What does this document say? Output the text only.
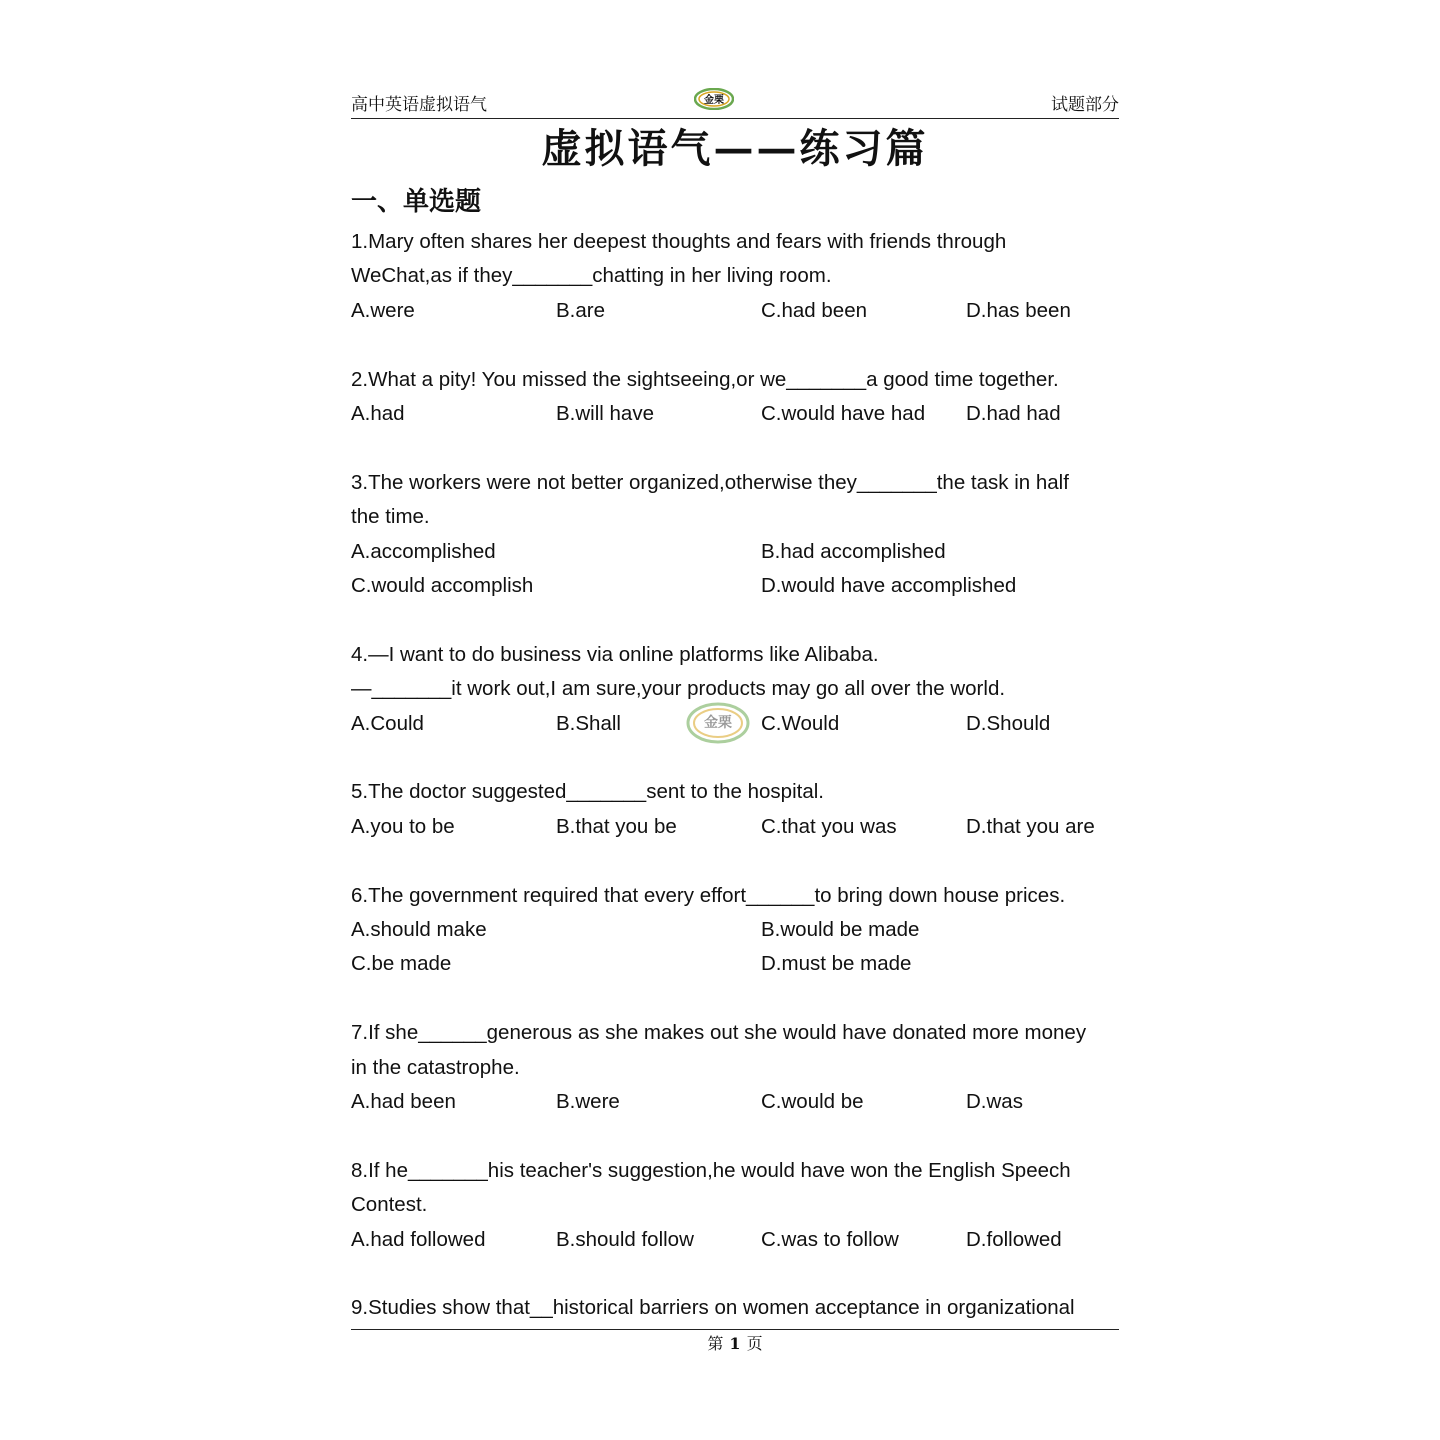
高中英语虚拟语气	金栗	试题部分
虚拟语气——练习篇
一、单选题
1.Mary often shares her deepest thoughts and fears with friends through
WeChat,as if they_______chatting in her living room.
A.were	B.are	C.had been	D.has been
2.What a pity! You missed the sightseeing,or we_______a good time together.
A.had	B.will have	C.would have had	D.had had
3.The workers were not better organized,otherwise they_______the task in half
the time.
A.accomplished	B.had accomplished
C.would accomplish	D.would have accomplished
4.—I want to do business via online platforms like Alibaba.
—_______it work out,I am sure,your products may go all over the world.
A.Could	B.Shall	C.Would	D.Should
5.The doctor suggested_______sent to the hospital.
A.you to be	B.that you be	C.that you was	D.that you are
6.The government required that every effort______to bring down house prices.
A.should make	B.would be made
C.be made	D.must be made
7.If she______generous as she makes out she would have donated more money
in the catastrophe.
A.had been	B.were	C.would be	D.was
8.If he_______his teacher's suggestion,he would have won the English Speech
Contest.
A.had followed	B.should follow	C.was to follow	D.followed
9.Studies show that__historical barriers on women acceptance in organizational
第 1 页
金栗
